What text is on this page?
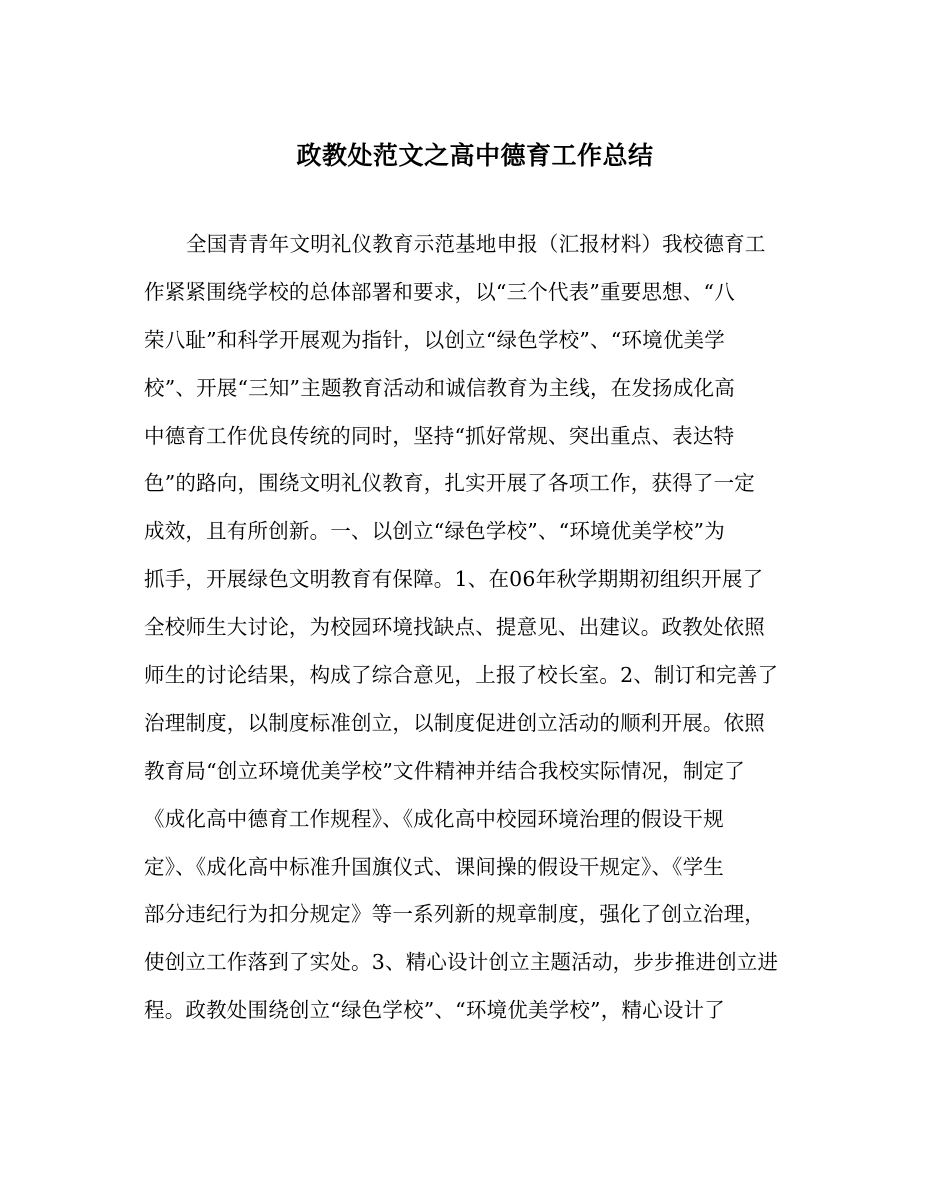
政教处范文之高中德育工作总结
全国青青年文明礼仪教育示范基地申报（汇报材料）我校德育工
作紧紧围绕学校的总体部署和要求，以“三个代表”重要思想、“八
荣八耻”和科学开展观为指针，以创立“绿色学校”、“环境优美学
校”、开展“三知”主题教育活动和诚信教育为主线，在发扬成化高
中德育工作优良传统的同时，坚持“抓好常规、突出重点、表达特
色”的路向，围绕文明礼仪教育，扎实开展了各项工作，获得了一定
成效，且有所创新。一、以创立“绿色学校”、“环境优美学校”为
抓手，开展绿色文明教育有保障。1、在06年秋学期期初组织开展了
全校师生大讨论，为校园环境找缺点、提意见、出建议。政教处依照
师生的讨论结果，构成了综合意见，上报了校长室。2、制订和完善了
治理制度，以制度标准创立，以制度促进创立活动的顺利开展。依照
教育局“创立环境优美学校”文件精神并结合我校实际情况，制定了
《成化高中德育工作规程》、《成化高中校园环境治理的假设干规
定》、《成化高中标准升国旗仪式、课间操的假设干规定》、《学生
部分违纪行为扣分规定》等一系列新的规章制度，强化了创立治理，
使创立工作落到了实处。3、精心设计创立主题活动，步步推进创立进
程。政教处围绕创立“绿色学校”、“环境优美学校”，精心设计了
